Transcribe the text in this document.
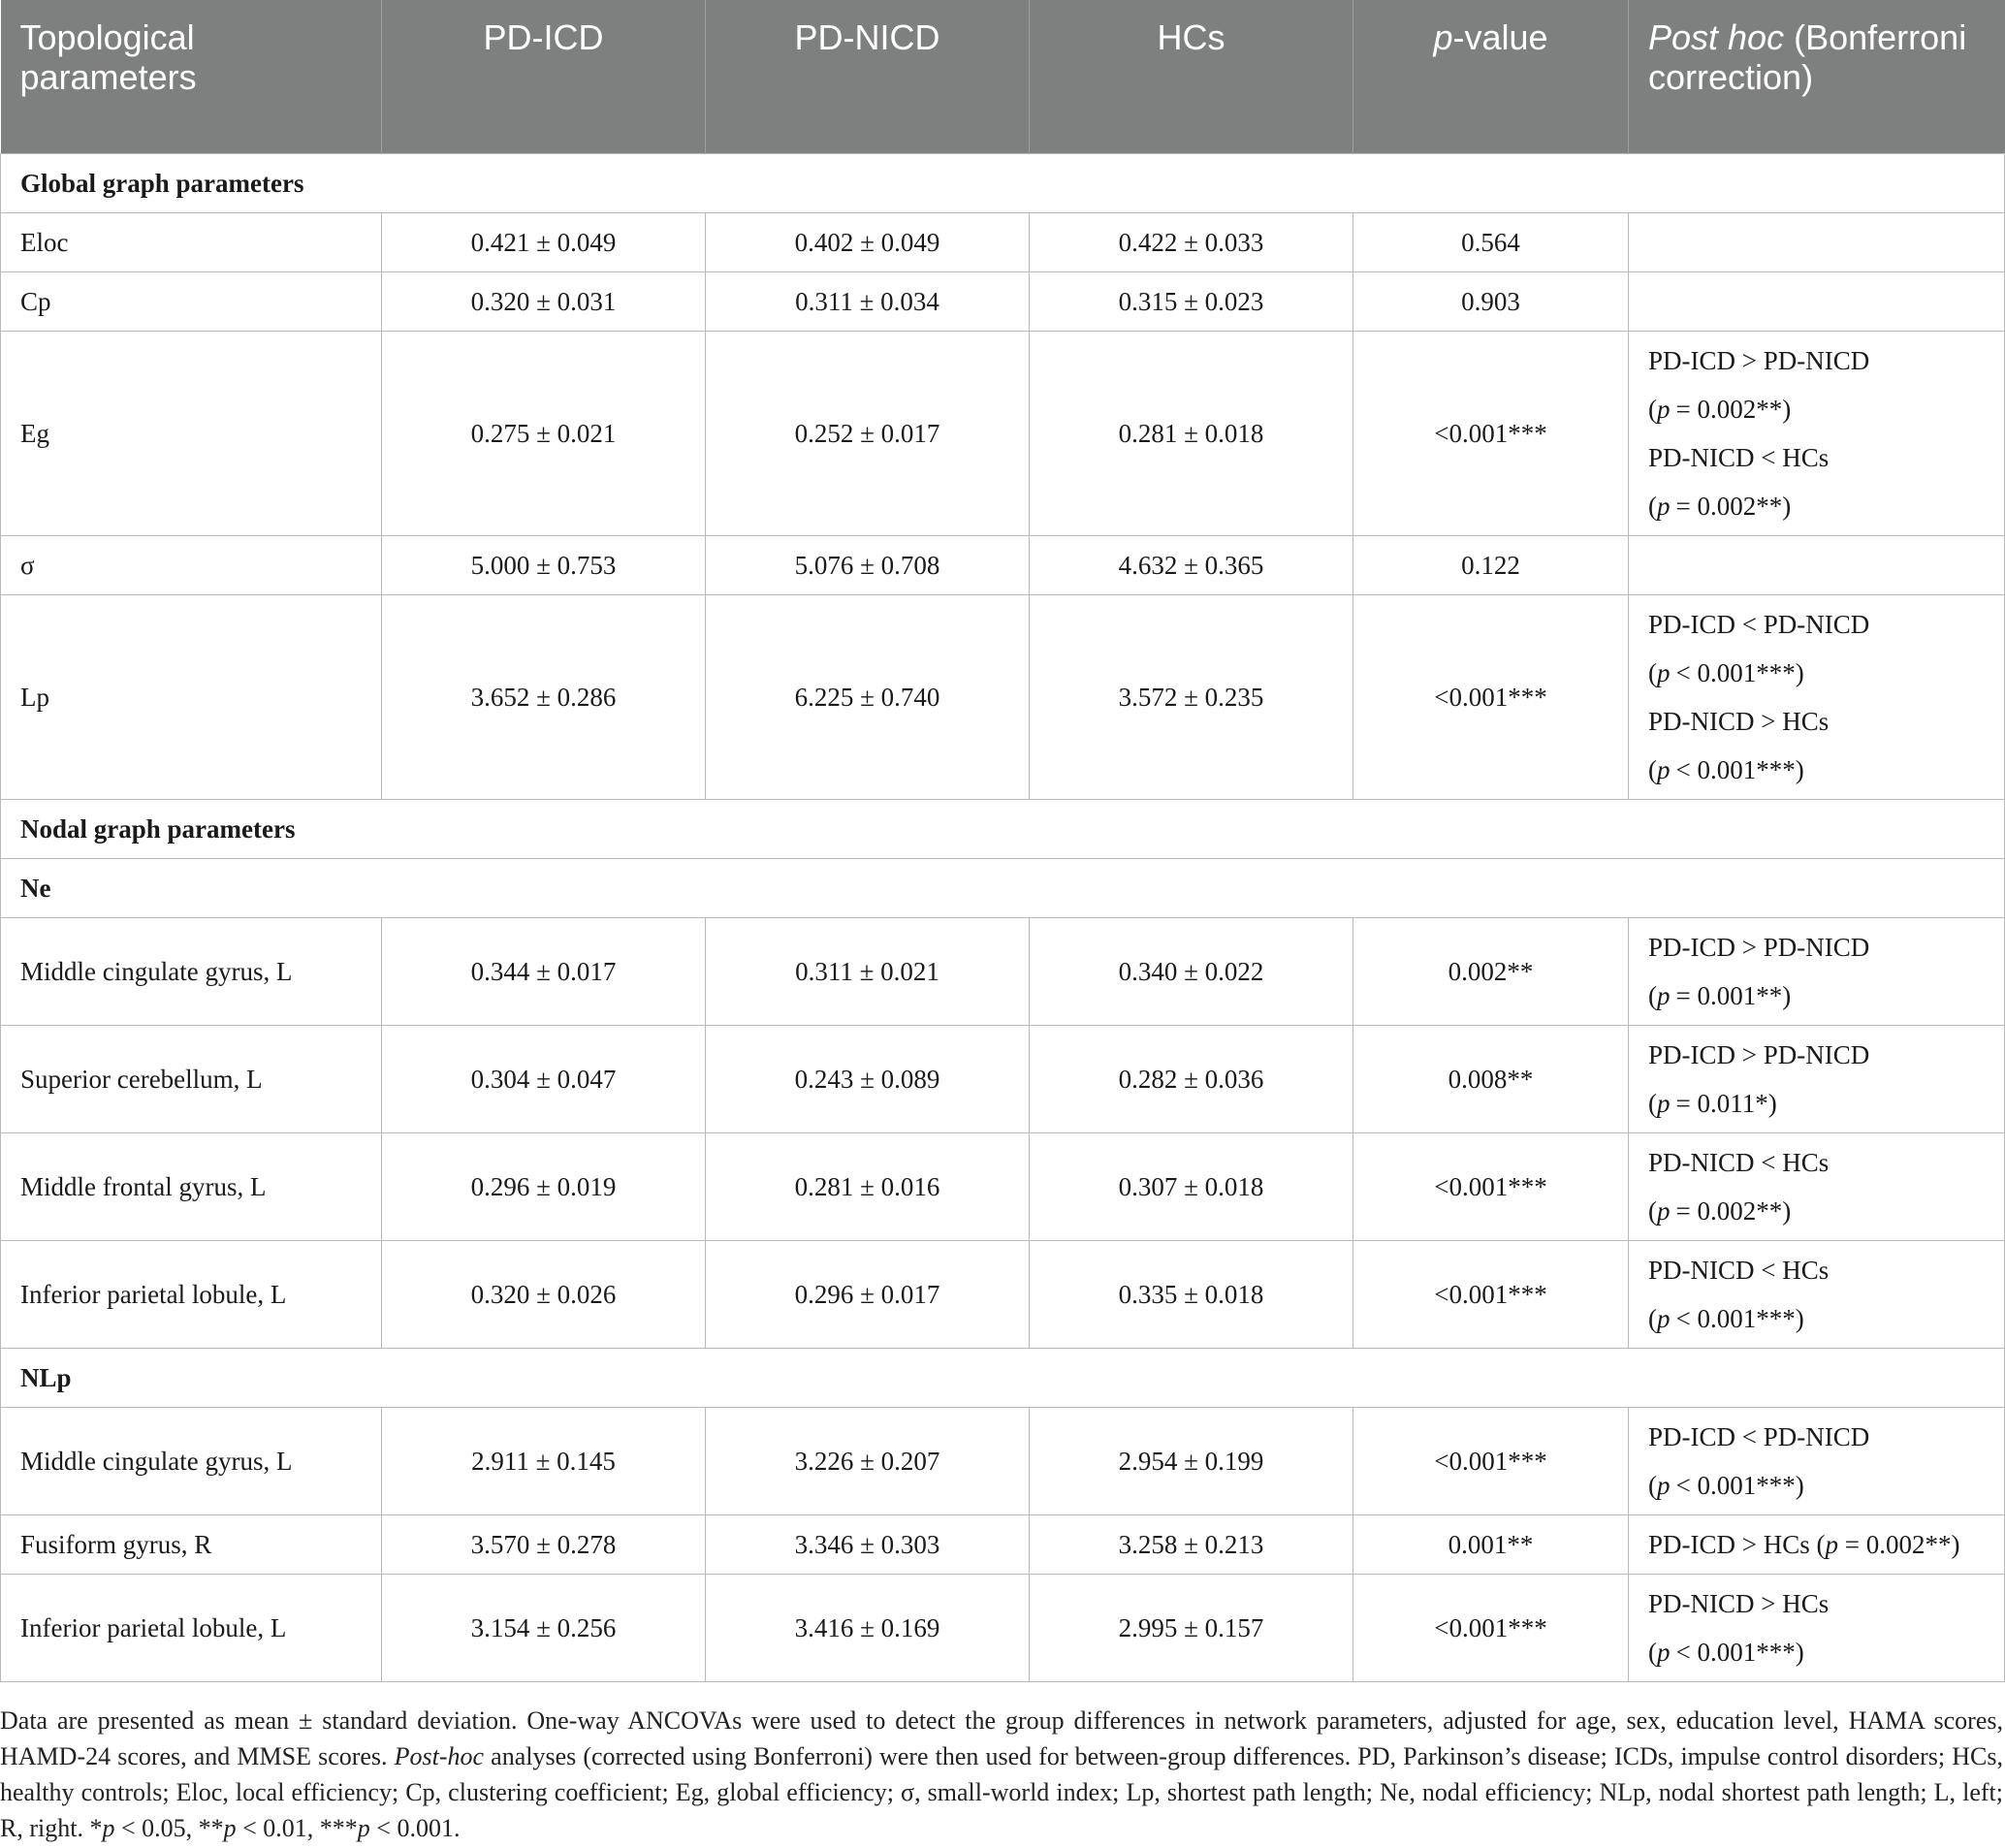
Topological parameters	PD-ICD	PD-NICD	HCs	p-value	Post hoc (Bonferroni correction)
Global graph parameters					
Eloc	0.421 ± 0.049	0.402 ± 0.049	0.422 ± 0.033	0.564	
Cp	0.320 ± 0.031	0.311 ± 0.034	0.315 ± 0.023	0.903	
Eg	0.275 ± 0.021	0.252 ± 0.017	0.281 ± 0.018	<0.001***	PD-ICD > PD-NICD
(p = 0.002**)
PD-NICD < HCs
(p = 0.002**)

σ	5.000 ± 0.753	5.076 ± 0.708	4.632 ± 0.365	0.122	
Lp	3.652 ± 0.286	6.225 ± 0.740	3.572 ± 0.235	<0.001***	PD-ICD < PD-NICD
(p < 0.001***)
PD-NICD > HCs
(p < 0.001***)

Nodal graph parameters					
Ne					
Middle cingulate gyrus, L	0.344 ± 0.017	0.311 ± 0.021	0.340 ± 0.022	0.002**	PD-ICD > PD-NICD
(p = 0.001**)

Superior cerebellum, L	0.304 ± 0.047	0.243 ± 0.089	0.282 ± 0.036	0.008**	PD-ICD > PD-NICD
(p = 0.011*)

Middle frontal gyrus, L	0.296 ± 0.019	0.281 ± 0.016	0.307 ± 0.018	<0.001***	PD-NICD < HCs
(p = 0.002**)

Inferior parietal lobule, L	0.320 ± 0.026	0.296 ± 0.017	0.335 ± 0.018	<0.001***	PD-NICD < HCs
(p < 0.001***)

NLp					
Middle cingulate gyrus, L	2.911 ± 0.145	3.226 ± 0.207	2.954 ± 0.199	<0.001***	PD-ICD < PD-NICD
(p < 0.001***)

Fusiform gyrus, R	3.570 ± 0.278	3.346 ± 0.303	3.258 ± 0.213	0.001**	PD-ICD > HCs (p = 0.002**)
Inferior parietal lobule, L	3.154 ± 0.256	3.416 ± 0.169	2.995 ± 0.157	<0.001***	PD-NICD > HCs
(p < 0.001***)

Data are presented as mean ± standard deviation. One-way ANCOVAs were used to detect the group differences in network parameters, adjusted for age, sex, education level, HAMA scores, HAMD-24 scores, and MMSE scores. Post-hoc analyses (corrected using Bonferroni) were then used for between-group differences. PD, Parkinson’s disease; ICDs, impulse control disorders; HCs, healthy controls; Eloc, local efficiency; Cp, clustering coefficient; Eg, global efficiency; σ, small-world index; Lp, shortest path length; Ne, nodal efficiency; NLp, nodal shortest path length; L, left; R, right. *p < 0.05, **p < 0.01, ***p < 0.001.
